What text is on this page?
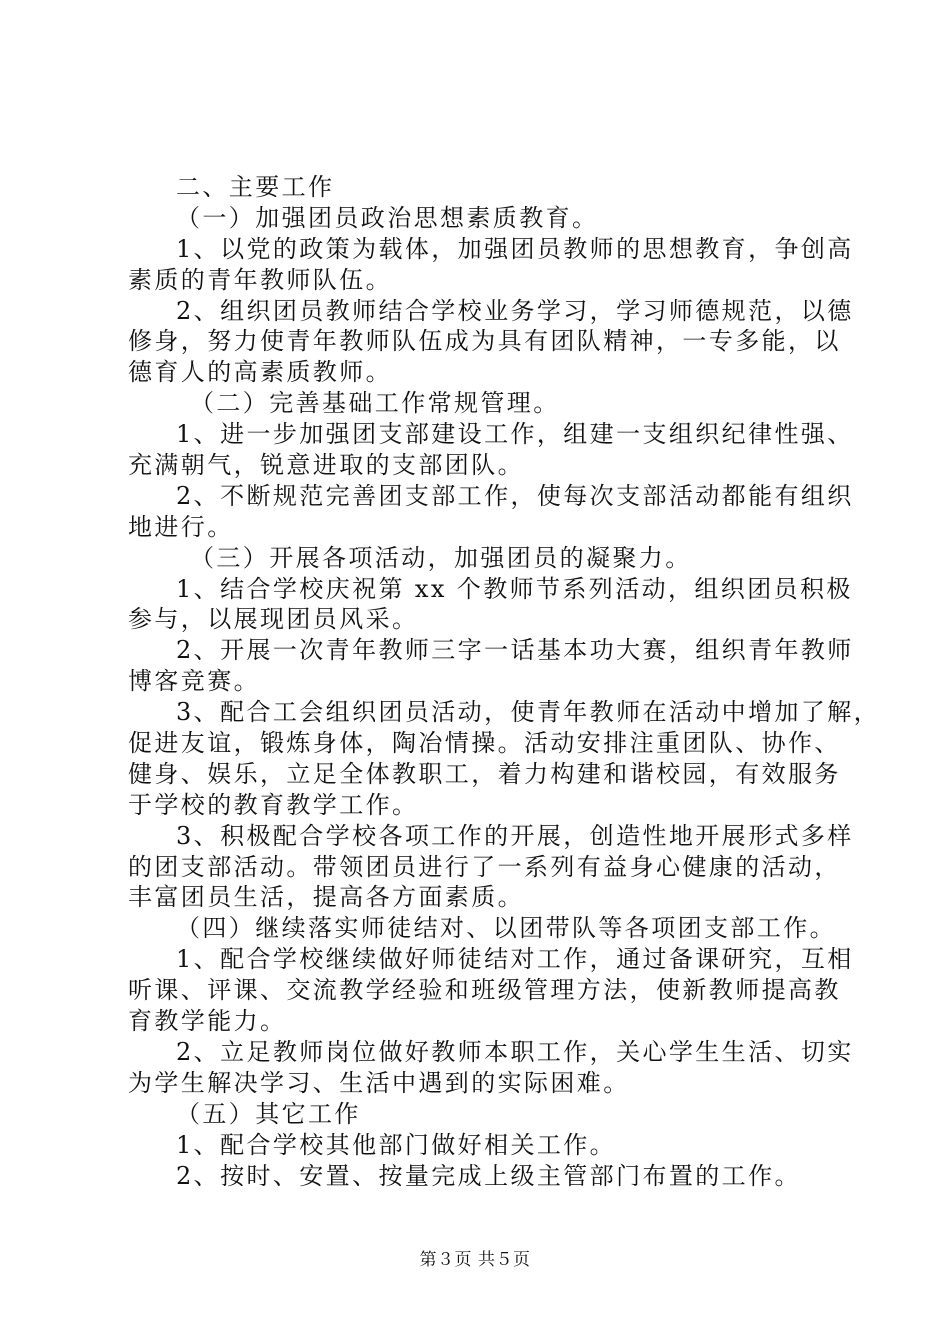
二、主要工作
（一）加强团员政治思想素质教育。
1、以党的政策为载体，加强团员教师的思想教育，争创高
素质的青年教师队伍。
2、组织团员教师结合学校业务学习，学习师德规范，以德
修身，努力使青年教师队伍成为具有团队精神，一专多能，以
德育人的高素质教师。
（二）完善基础工作常规管理。
1、进一步加强团支部建设工作，组建一支组织纪律性强、
充满朝气，锐意进取的支部团队。
2、不断规范完善团支部工作，使每次支部活动都能有组织
地进行。
（三）开展各项活动，加强团员的凝聚力。
1、结合学校庆祝第 xx 个教师节系列活动，组织团员积极
参与，以展现团员风采。
2、开展一次青年教师三字一话基本功大赛，组织青年教师
博客竞赛。
3、配合工会组织团员活动，使青年教师在活动中增加了解，
促进友谊，锻炼身体，陶冶情操。活动安排注重团队、协作、
健身、娱乐，立足全体教职工，着力构建和谐校园，有效服务
于学校的教育教学工作。
3、积极配合学校各项工作的开展，创造性地开展形式多样
的团支部活动。带领团员进行了一系列有益身心健康的活动，
丰富团员生活，提高各方面素质。
（四）继续落实师徒结对、以团带队等各项团支部工作。
1、配合学校继续做好师徒结对工作，通过备课研究，互相
听课、评课、交流教学经验和班级管理方法，使新教师提高教
育教学能力。
2、立足教师岗位做好教师本职工作，关心学生生活、切实
为学生解决学习、生活中遇到的实际困难。
（五）其它工作
1、配合学校其他部门做好相关工作。
2、按时、安置、按量完成上级主管部门布置的工作。
第３页 共５页
